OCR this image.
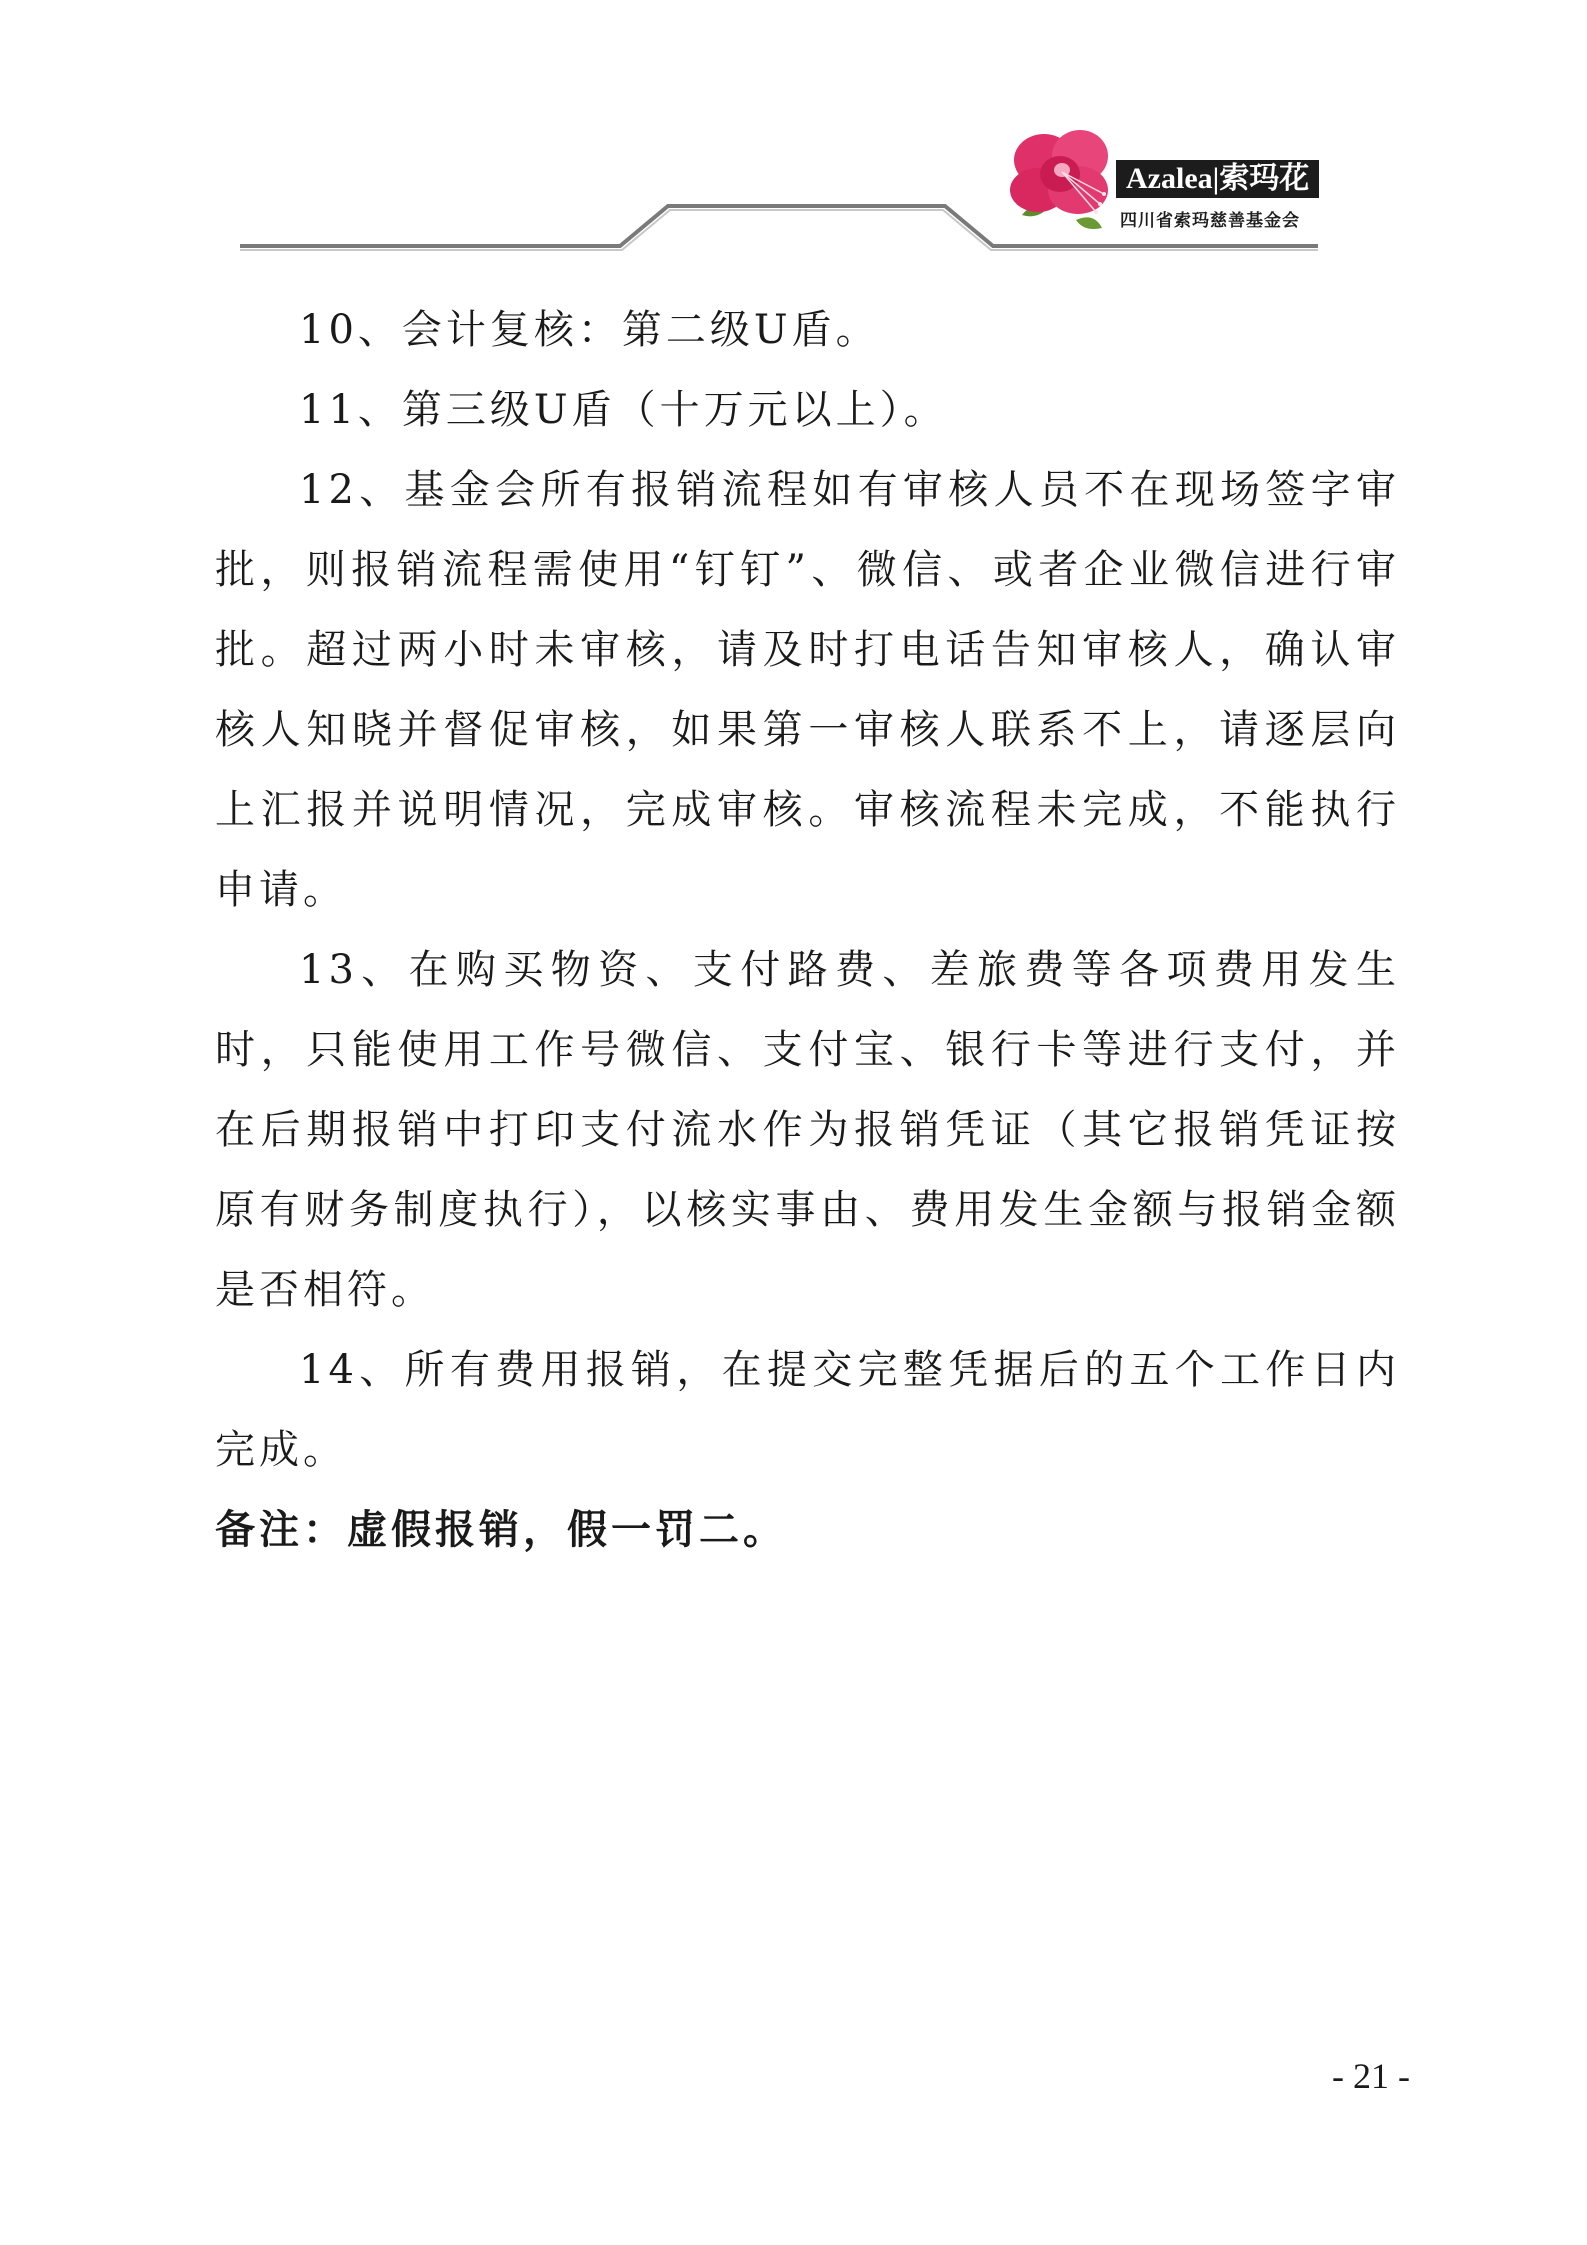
Azalea|索玛花
四川省索玛慈善基金会

10、会计复核：第二级U盾。

11、第三级U盾（十万元以上）。

12、基金会所有报销流程如有审核人员不在现场签字审批，则报销流程需使用“钉钉”、微信、或者企业微信进行审批。超过两小时未审核，请及时打电话告知审核人，确认审核人知晓并督促审核，如果第一审核人联系不上，请逐层向上汇报并说明情况，完成审核。审核流程未完成，不能执行申请。

13、在购买物资、支付路费、差旅费等各项费用发生时，只能使用工作号微信、支付宝、银行卡等进行支付，并在后期报销中打印支付流水作为报销凭证（其它报销凭证按原有财务制度执行），以核实事由、费用发生金额与报销金额是否相符。

14、所有费用报销，在提交完整凭据后的五个工作日内完成。

备注：虚假报销，假一罚二。

- 21 -
